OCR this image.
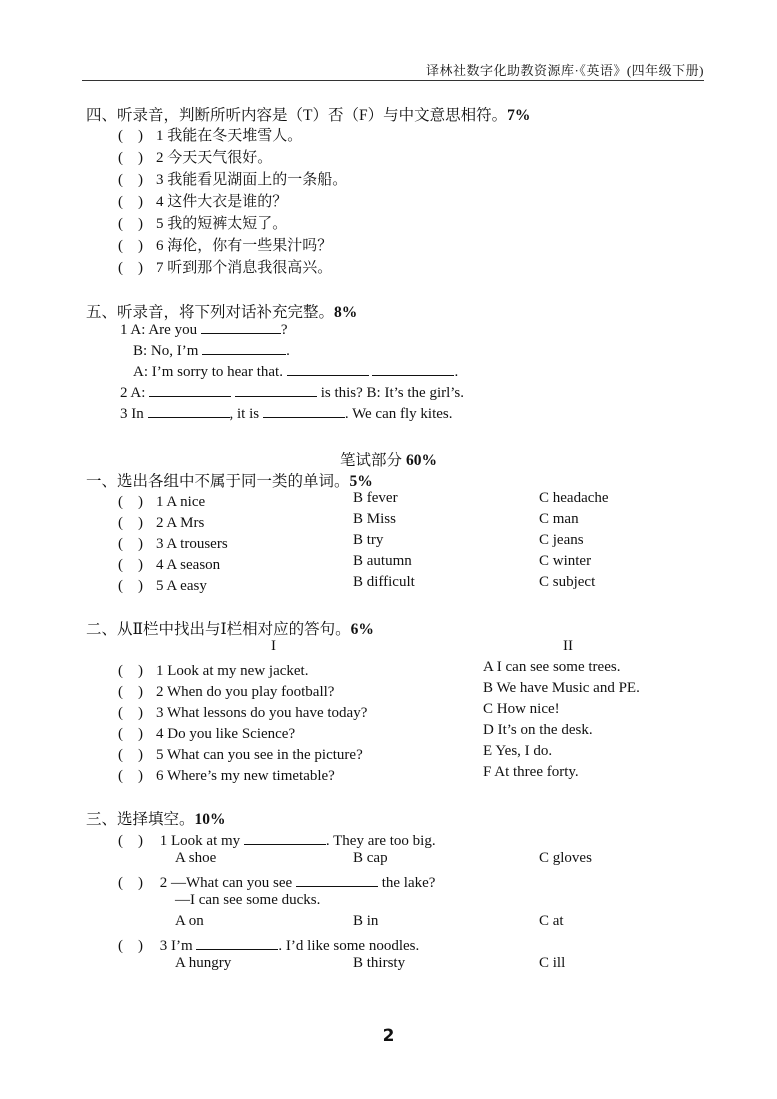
译林社数字化助教资源库·《英语》(四年级下册)
四、听录音，判断所听内容是（T）否（F）与中文意思相符。7%
(　) 1 我能在冬天堆雪人。
(　) 2 今天天气很好。
(　) 3 我能看见湖面上的一条船。
(　) 4 这件大衣是谁的？
(　) 5 我的短裤太短了。
(　) 6 海伦，你有一些果汁吗？
(　) 7 听到那个消息我很高兴。
五、听录音，将下列对话补充完整。8%
1 A: Are you	?
B: No, I’m	.
A: I’m sorry to hear that.	.
2 A:	is this? B: It’s the girl’s.
3 In	, it is	. We can fly kites.
笔试部分 60%
一、选出各组中不属于同一类的单词。5%
(　) 1 A nice	B fever	C headache
(　) 2 A Mrs	B Miss	C man
(　) 3 A trousers	B try	C jeans
(　) 4 A season	B autumn	C winter
(　) 5 A easy	B difficult	C subject
二、从Ⅱ栏中找出与Ⅰ栏相对应的答句。6%
I	II
(　) 1 Look at my new jacket.	A I can see some trees.
(　) 2 When do you play football?	B We have Music and PE.
(　) 3 What lessons do you have today?	C How nice!
(　) 4 Do you like Science?	D It’s on the desk.
(　) 5 What can you see in the picture?	E Yes, I do.
(　) 6 Where’s my new timetable?	F At three forty.
三、选择填空。10%
(　) 1 Look at my	. They are too big.
A shoe	B cap	C gloves
(　) 2 —What can you see	the lake?
—I can see some ducks.
A on	B in	C at
(　) 3 I’m	. I’d like some noodles.
A hungry	B thirsty	C ill
2
